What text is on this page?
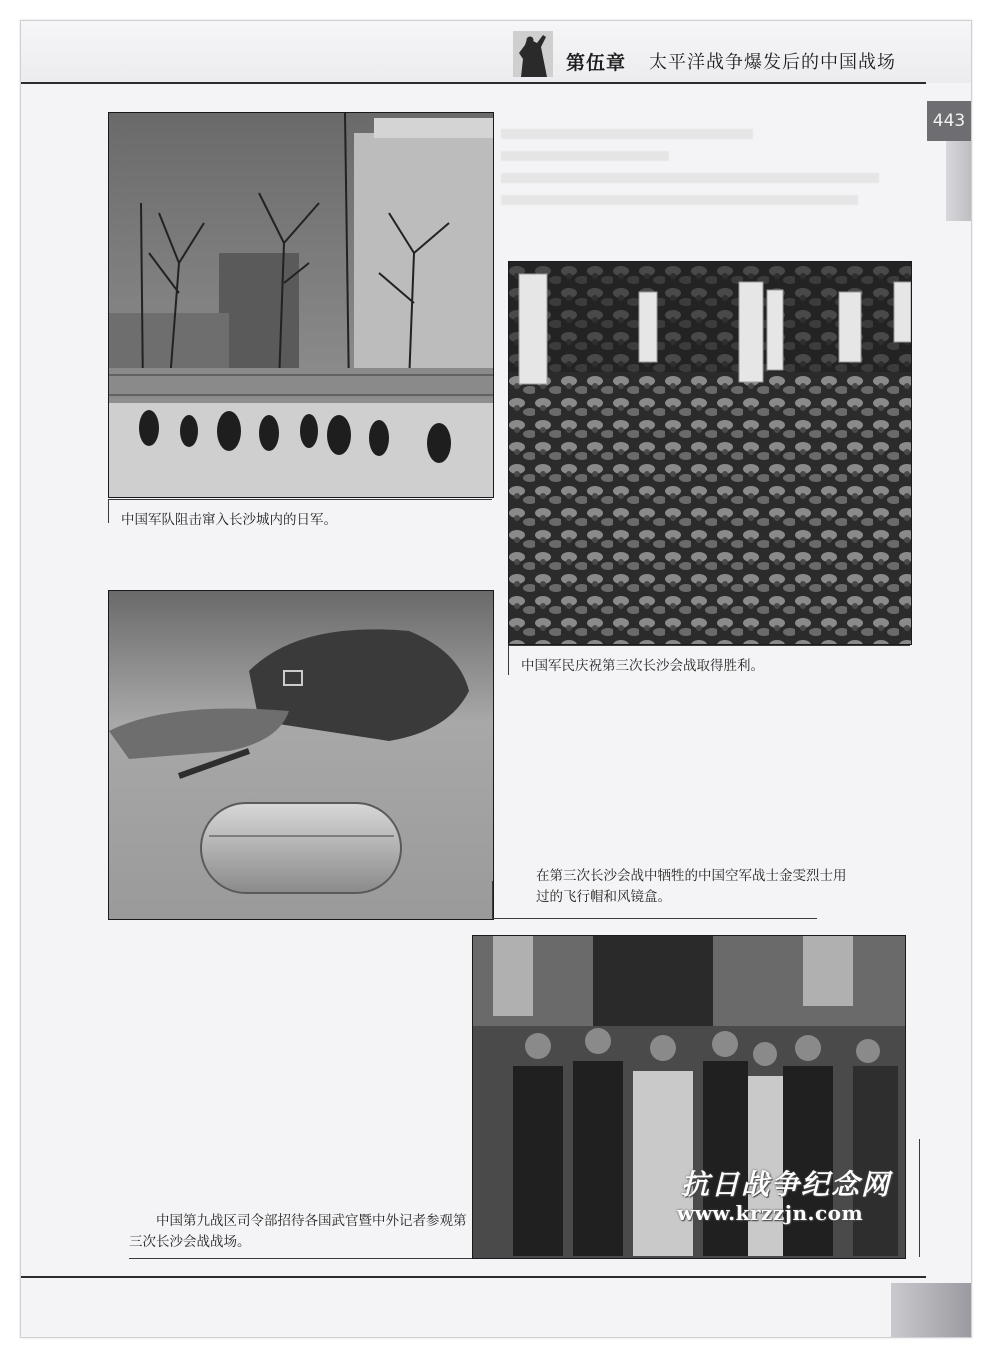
第伍章 太平洋战争爆发后的中国战场
443
中国军队阻击窜入长沙城内的日军。
中国军民庆祝第三次长沙会战取得胜利。
在第三次长沙会战中牺牲的中国空军战士金雯烈士用过的飞行帽和风镜盒。
中国第九战区司令部招待各国武官暨中外记者参观第三次长沙会战战场。
抗日战争纪念网
www.krzzjn.com
